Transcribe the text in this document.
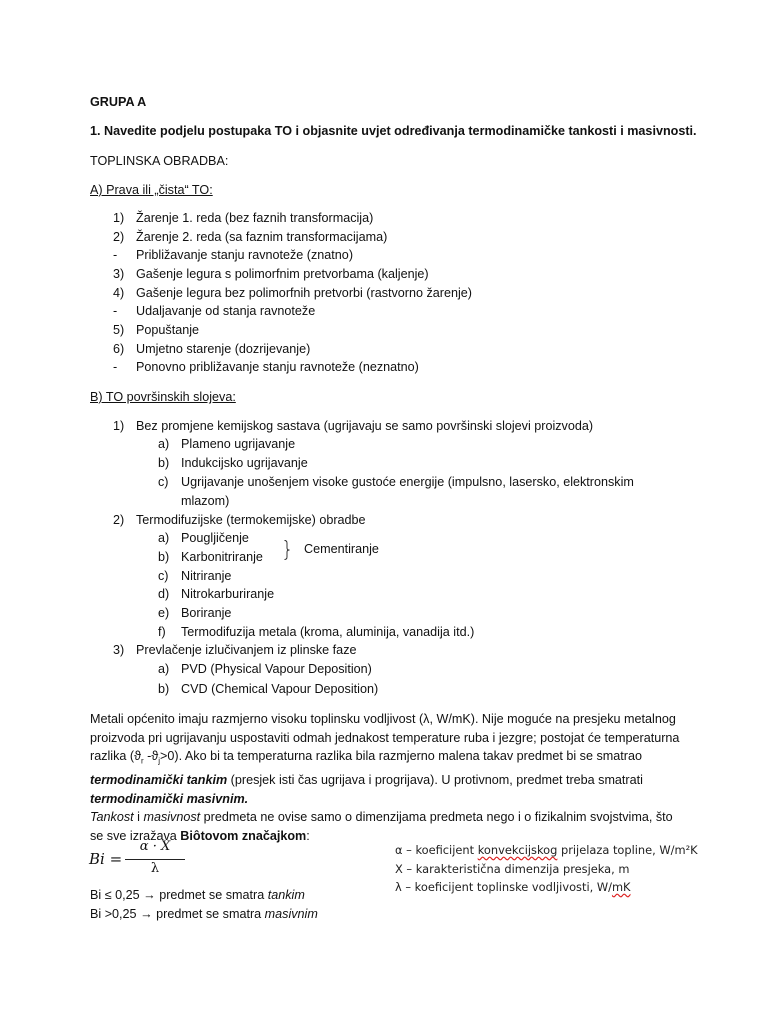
GRUPA A
1. Navedite podjelu postupaka TO i objasnite uvjet određivanja termodinamičke tankosti i masivnosti.
TOPLINSKA OBRADBA:
A) Prava ili „čista“ TO:
1) Žarenje 1. reda (bez faznih transformacija)
2) Žarenje 2. reda (sa faznim transformacijama)
- Približavanje stanju ravnoteže (znatno)
3) Gašenje legura s polimorfnim pretvorbama (kaljenje)
4) Gašenje legura bez polimorfnih pretvorbi (rastvorno žarenje)
- Udaljavanje od stanja ravnoteže
5) Popuštanje
6) Umjetno starenje (dozrijevanje)
- Ponovno približavanje stanju ravnoteže (neznatno)
B) TO površinskih slojeva:
1) Bez promjene kemijskog sastava (ugrijavaju se samo površinski slojevi proizvoda)
a) Plameno ugrijavanje
b) Indukcijsko ugrijavanje
c) Ugrijavanje unošenjem visoke gustoće energije (impulsno, lasersko, elektronskim
mlazom)
2) Termodifuzijske (termokemijske) obradbe
a) Pougljičenje
b) Karbonitriranje
c) Nitriranje
d) Nitrokarburiranje
e) Boriranje
f) Termodifuzija metala (kroma, aluminija, vanadija itd.)
Cementiranje
3) Prevlačenje izlučivanjem iz plinske faze
a) PVD (Physical Vapour Deposition)
b) CVD (Chemical Vapour Deposition)

Metali općenito imaju razmjerno visoku toplinsku vodljivost (λ, W/mK). Nije moguće na presjeku metalnog proizvoda pri ugrijavanju uspostaviti odmah jednakost temperature ruba i jezgre; postojat će temperaturna razlika ($ϑ_r$ $-ϑ_j>0$). Ako bi ta temperaturna razlika bila razmjerno malena takav predmet bi se smatrao termodinamički tankim (presjek isti čas ugrijava i progrijava). U protivnom, predmet treba smatrati termodinamički masivnim.

Tankost i masivnost predmeta ne ovise samo o dimenzijama predmeta nego i o fizikalnim svojstvima, što se sve izražava Biôtovom značajkom:

Bi =
α · X
λ
α – koeficijent konvekcijskog prijelaza topline, W/m²K
X – karakteristična dimenzija presjeka, m
λ – koeficijent toplinske vodljivosti, W/mK
Bi ≤ 0,25 → predmet se smatra tankim
Bi >0,25 → predmet se smatra masivnim
